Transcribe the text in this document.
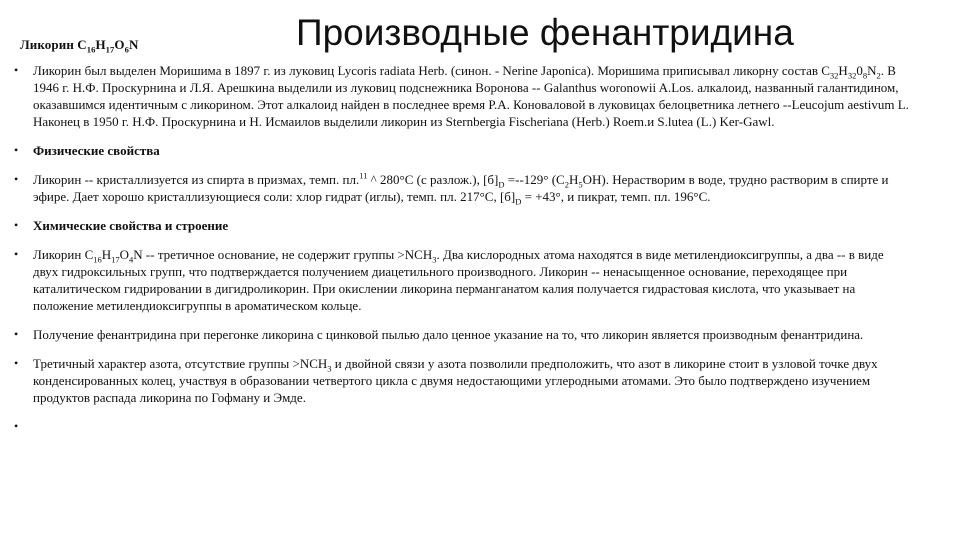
Ликорин $С_{16}Н_{17}О_6N$	Производные фенантридина
• Ликорин был выделен Моришима в 1897 г. из луковиц Lycoris radiata Herb. (синон. - Nerine Japonica). Моришима приписывал ликорну состав $С_{32}Н_{32}0_8N_2$. В 1946 г. Н.Ф. Проскурнина и Л.Я. Арешкина выделили из луковиц подснежника Воронова -- Galanthus woronowii A.Los. алкалоид, названный галантидином, оказавшимся идентичным с ликорином. Этот алкалоид найден в последнее время Р.А. Коноваловой в луковицах белоцветника летнего --Leucojum aestivum L. Наконец в 1950 г. Н.Ф. Проскурнина и Н. Исмаилов выделили ликорин из Sternbergia Fischeriana (Herb.) Roem.и S.lutea (L.) Ker-Gawl.
• Физические свойства
• Ликорин -- кристаллизуется из спирта в призмах, темп. пл.$^{11}$ ^ 280°С (с разлож.), $[б]_D =--129^\circ$ $(С_2Н_5ОН)$. Нерастворим в воде, трудно растворим в спирте и эфире. Дает хорошо кристаллизующиеся соли: хлор гидрат (иглы), темп. пл. 217°С, $[б]_D = +43^\circ$, и пикрат, темп. пл. 196°С.
• Химические свойства и строение
• Ликорин $С_{16}Н_{17}О_4N$ -- третичное основание, не содержит группы $>NCH_3$. Два кислородных атома находятся в виде метилендиоксигруппы, а два -- в виде двух гидроксильных групп, что подтверждается получением диацетильного производного. Ликорин -- ненасыщенное основание, переходящее при каталитическом гидрировании в дигидроликорин. При окислении ликорина перманганатом калия получается гидрастовая кислота, что указывает на положение метилендиоксигруппы в ароматическом кольце.
• Получение фенантридина при перегонке ликорина с цинковой пылью дало ценное указание на то, что ликорин является производным фенантридина.
• Третичный характер азота, отсутствие группы $>NCH_3$ и двойной связи у азота позволили предположить, что азот в ликорине стоит в узловой точке двух конденсированных колец, участвуя в образовании четвертого цикла с двумя недостающими углеродными атомами. Это было подтверждено изучением продуктов распада ликорина по Гофману и Эмде.
•
